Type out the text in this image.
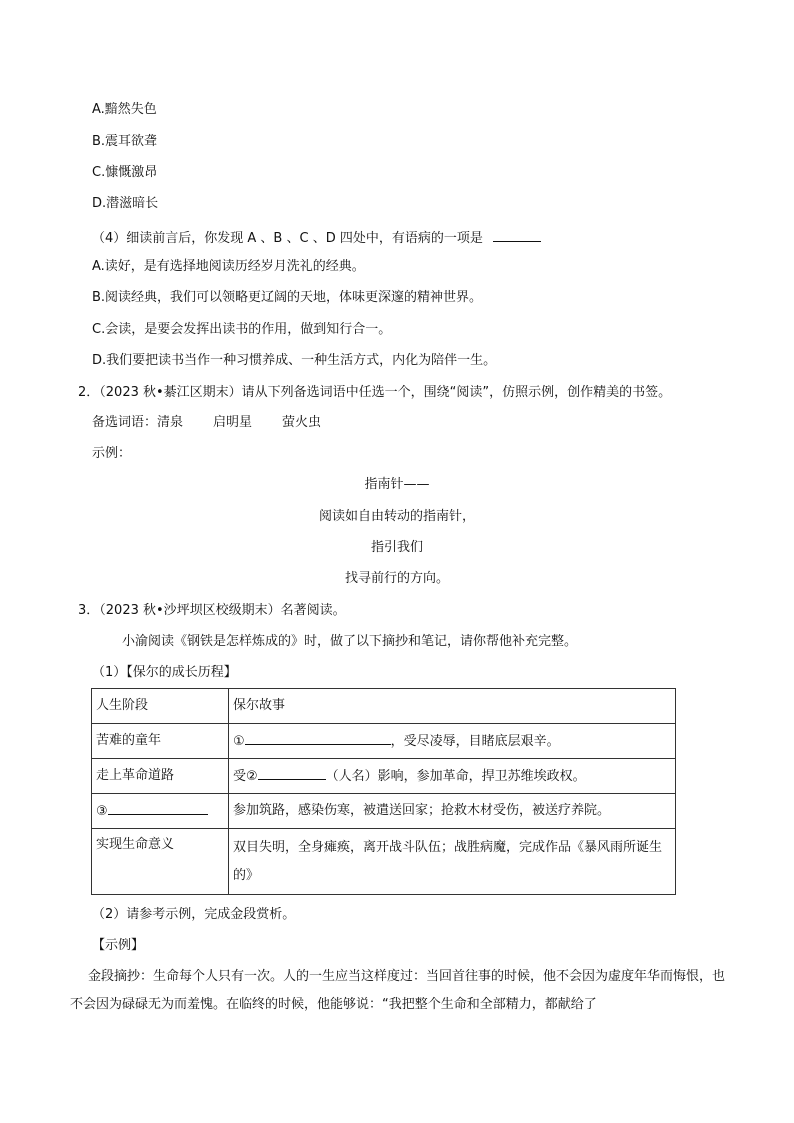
A.黯然失色
B.震耳欲聋
C.慷慨激昂
D.潜滋暗长
（4）细读前言后，你发现 A 、B 、C 、D 四处中，有语病的一项是
A.读好，是有选择地阅读历经岁月洗礼的经典。
B.阅读经典，我们可以领略更辽阔的天地，体味更深邃的精神世界。
C.会读，是要会发挥出读书的作用，做到知行合一。
D.我们要把读书当作一种习惯养成、一种生活方式，内化为陪伴一生。
2．（2023 秋•綦江区期末）请从下列备选词语中任选一个，围绕“阅读”，仿照示例，创作精美的书签。
备选词语：清泉 启明星 萤火虫
示例：
指南针——
阅读如自由转动的指南针，
指引我们
找寻前行的方向。
3．（2023 秋•沙坪坝区校级期末）名著阅读。
小渝阅读《钢铁是怎样炼成的》时，做了以下摘抄和笔记，请你帮他补充完整。
（1）【保尔的成长历程】
人生阶段	保尔故事
苦难的童年	① ，受尽凌辱，目睹底层艰辛。
走上革命道路	受② （人名）影响，参加革命，捍卫苏维埃政权。
③	参加筑路，感染伤寒，被遣送回家；抢救木材受伤，被送疗养院。
实现生命意义	双目失明，全身瘫痪，离开战斗队伍；战胜病魔，完成作品《暴风雨所诞生的》
（2）请参考示例，完成金段赏析。
【示例】
金段摘抄：生命每个人只有一次。人的一生应当这样度过：当回首往事的时候，他不会因为虚度年华而悔恨，也不会因为碌碌无为而羞愧。在临终的时候，他能够说：“我把整个生命和全部精力，都献给了
